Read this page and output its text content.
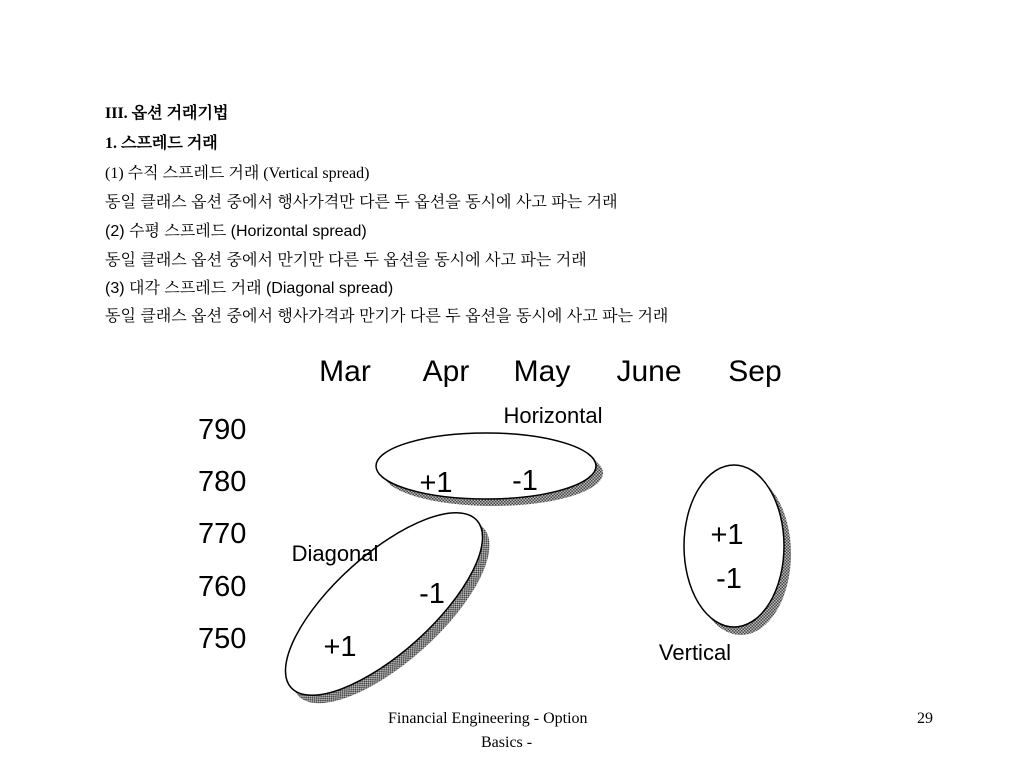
III. 옵션 거래기법
1. 스프레드 거래
(1) 수직 스프레드 거래 (Vertical spread)
동일 클래스 옵션 중에서 행사가격만 다른 두 옵션을 동시에 사고 파는 거래
(2) 수평 스프레드 (Horizontal spread)
동일 클래스 옵션 중에서 만기만 다른 두 옵션을 동시에 사고 파는 거래
(3) 대각 스프레드 거래 (Diagonal spread)
동일 클래스 옵션 중에서 행사가격과 만기가 다른 두 옵션을 동시에 사고 파는 거래
Mar Apr May June Sep
790
780
770
760
750
Horizontal
+1 -1
Diagonal
-1
+1	Vertical
+1
-1
Financial Engineering - Option
Basics -
29
